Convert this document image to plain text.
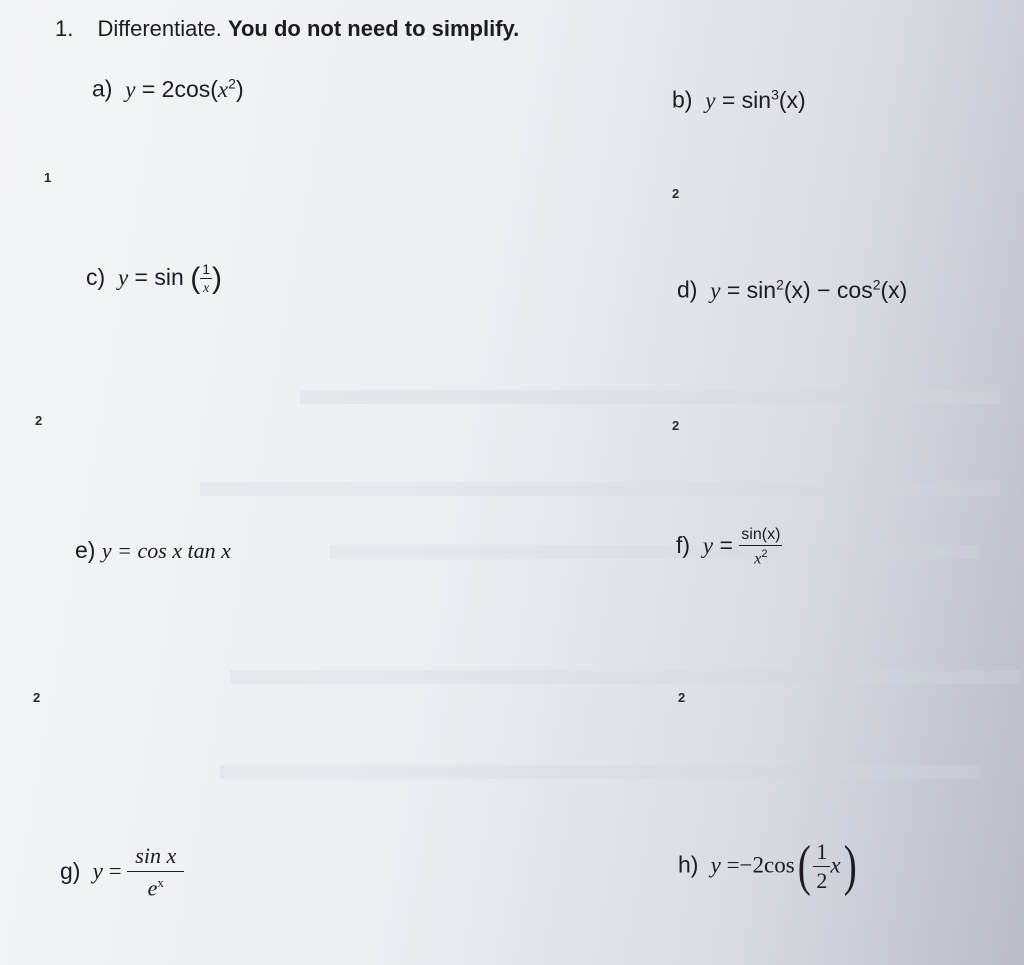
1. Differentiate. You do not need to simplify.
a) $y = 2\cos(x^2)$	b) $y = \sin^3(x)$
1
2
c) y = sin ( $\frac{1}{x}$ )	d) $y = \sin^2(x) - \cos^2(x)$
2	2
e) y = cos x tan x	f) $y = \frac{\sin(x)}{x^2}$
2	2
g) $y = \frac{\text{sin x}}{e^x}$	h) $y =-2\cos( \frac{1}{2} x)$
